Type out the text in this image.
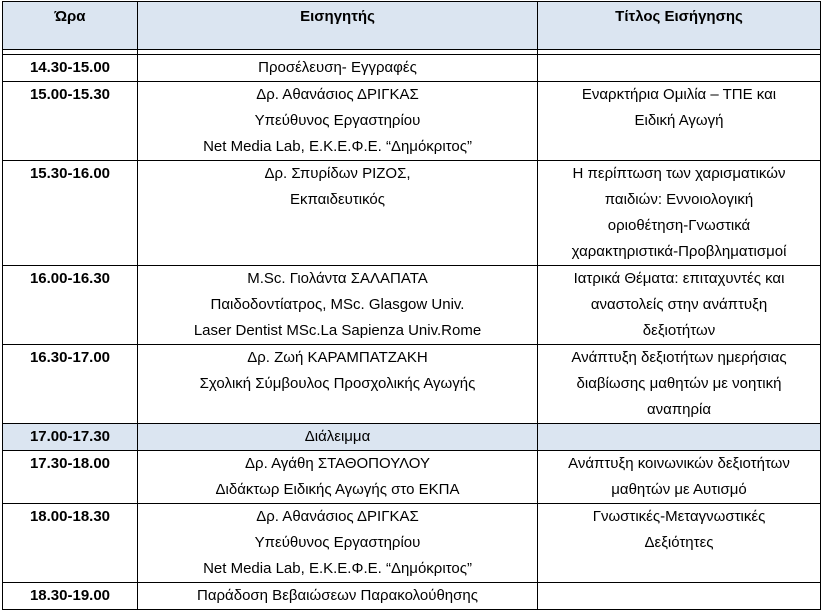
Ώρα	Εισηγητής	Τίτλος Εισήγησης

14.30-15.00	Προσέλευση- Εγγραφές	

15.00-15.30	Δρ. Αθανάσιος ΔΡΙΓΚΑΣ
Υπεύθυνος Εργαστηρίου
Net Media Lab, Ε.Κ.Ε.Φ.Ε. “Δημόκριτος”	Εναρκτήρια Ομιλία – ΤΠΕ και
Ειδική Αγωγή

15.30-16.00	Δρ. Σπυρίδων ΡΙΖΟΣ,
Εκπαιδευτικός	Η περίπτωση των χαρισματικών
παιδιών: Εννοιολογική
οριοθέτηση-Γνωστικά
χαρακτηριστικά-Προβληματισμοί

16.00-16.30	M.Sc. Γιολάντα ΣΑΛΑΠΑΤΑ
Παιδοδοντίατρος, MSc. Glasgow Univ.
Laser Dentist MSc.La Sapienza Univ.Rome	Ιατρικά Θέματα: επιταχυντές και
αναστολείς στην ανάπτυξη
δεξιοτήτων

16.30-17.00	Δρ. Ζωή ΚΑΡΑΜΠΑΤΖΑΚΗ
Σχολική Σύμβουλος Προσχολικής Αγωγής	Ανάπτυξη δεξιοτήτων ημερήσιας
διαβίωσης μαθητών με νοητική
αναπηρία

17.00-17.30	Διάλειμμα	

17.30-18.00	Δρ. Αγάθη ΣΤΑΘΟΠΟΥΛΟΥ
Διδάκτωρ Ειδικής Αγωγής στο ΕΚΠΑ	Ανάπτυξη κοινωνικών δεξιοτήτων
μαθητών με Αυτισμό

18.00-18.30	Δρ. Αθανάσιος ΔΡΙΓΚΑΣ
Υπεύθυνος Εργαστηρίου
Net Media Lab, Ε.Κ.Ε.Φ.Ε. “Δημόκριτος”	Γνωστικές-Μεταγνωστικές
Δεξιότητες

18.30-19.00	Παράδοση Βεβαιώσεων Παρακολούθησης	
